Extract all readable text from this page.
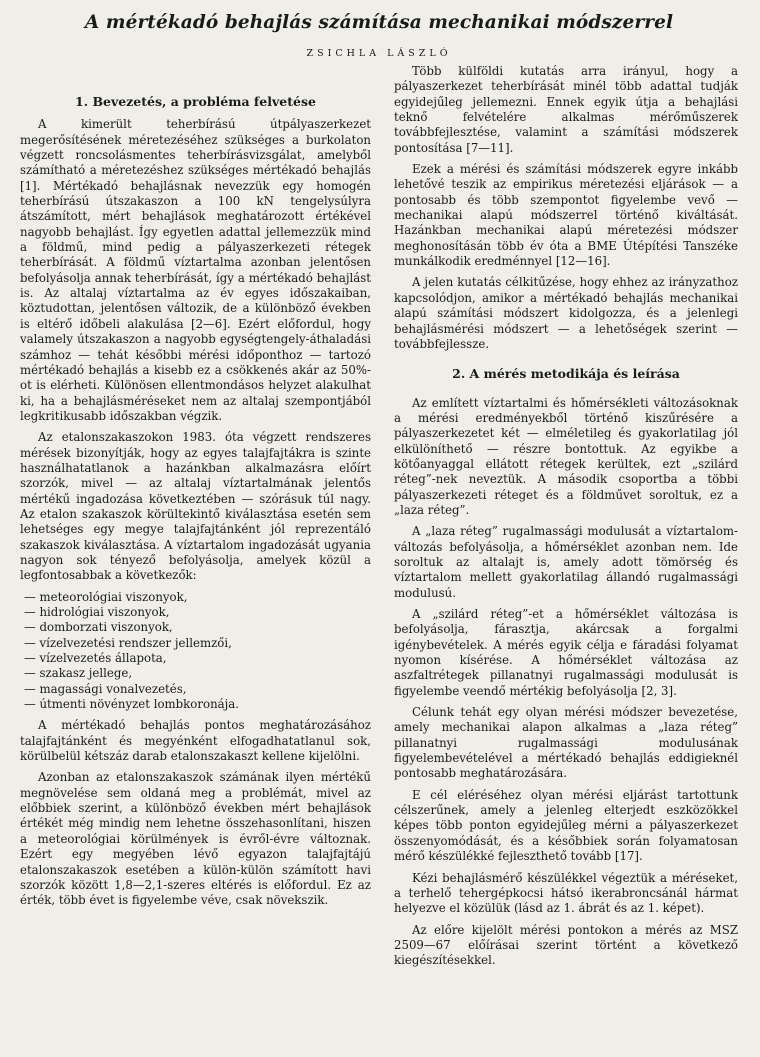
A mértékadó behajlás számítása mechanikai módszerrel
ZSICHLA LÁSZLÓ
1. Bevezetés, a probléma felvetése

A kimerült teherbírású útpályaszerkezet megerősítésének méretezéséhez szükséges a burkolaton végzett roncsolásmentes teherbírásvizsgálat, amelyből számítható a méretezéshez szükséges mértékadó behajlás [1]. Mértékadó behajlásnak nevezzük egy homogén teherbírású útszakaszon a 100 kN tengelysúlyra átszámított, mért behajlások meghatározott értékével nagyobb behajlást. Így egyetlen adattal jellemezzük mind a földmű, mind pedig a pályaszerkezeti rétegek teherbírását. A földmű víztartalma azonban jelentősen befolyásolja annak teherbírását, így a mértékadó behajlást is. Az altalaj víztartalma az év egyes időszakaiban, köztudottan, jelentősen változik, de a különböző években is eltérő időbeli alakulása [2—6]. Ezért előfordul, hogy valamely útszakaszon a nagyobb egységtengely-áthaladási számhoz — tehát későbbi mérési időponthoz — tartozó mértékadó behajlás a kisebb ez a csökkenés akár az 50%-ot is elérheti. Különösen ellentmondásos helyzet alakulhat ki, ha a behajlásméréseket nem az altalaj szempontjából legkritikusabb időszakban végzik.

Az etalonszakaszokon 1983. óta végzett rendszeres mérések bizonyítják, hogy az egyes talajfajtákra is szinte használhatatlanok a hazánkban alkalmazásra előírt szorzók, mivel — az altalaj víztartalmának jelentős mértékű ingadozása következtében — szórásuk túl nagy. Az etalon szakaszok körültekintő kiválasztása esetén sem lehetséges egy megye talajfajtánként jól reprezentáló szakaszok kiválasztása. A víztartalom ingadozását ugyania nagyon sok tényező befolyásolja, amelyek közül a legfontosabbak a következők:

— meteorológiai viszonyok,
— hidrológiai viszonyok,
— domborzati viszonyok,
— vízelvezetési rendszer jellemzői,
— vízelvezetés állapota,
— szakasz jellege,
— magassági vonalvezetés,
— útmenti növényzet lombkoronája.

A mértékadó behajlás pontos meghatározásához talajfajtánként és megyénként elfogadhatatlanul sok, körülbelül kétszáz darab etalonszakaszt kellene kijelölni.

Azonban az etalonszakaszok számának ilyen mértékű megnövelése sem oldaná meg a problémát, mivel az előbbiek szerint, a különböző években mért behajlások értékét még mindig nem lehetne összehasonlítani, hiszen a meteorológiai körülmények is évről-évre változnak. Ezért egy megyében lévő egyazon talajfajtájú etalonszakaszok esetében a külön-külön számított havi szorzók között 1,8—2,1-szeres eltérés is előfordul. Ez az érték, több évet is figyelembe véve, csak növekszik.

Több külföldi kutatás arra irányul, hogy a pályaszerkezet teherbírását minél több adattal tudják egyidejűleg jellemezni. Ennek egyik útja a behajlási teknő felvételére alkalmas mérőműszerek továbbfejlesztése, valamint a számítási módszerek pontosítása [7—11].

Ezek a mérési és számítási módszerek egyre inkább lehetővé teszik az empirikus méretezési eljárások — a pontosabb és több szempontot figyelembe vevő — mechanikai alapú módszerrel történő kiváltását. Hazánkban mechanikai alapú méretezési módszer meghonosításán több év óta a BME Útépítési Tanszéke munkálkodik eredménnyel [12—16].

A jelen kutatás célkitűzése, hogy ehhez az irányzathoz kapcsolódjon, amikor a mértékadó behajlás mechanikai alapú számítási módszert kidolgozza, és a jelenlegi behajlásmérési módszert — a lehetőségek szerint — továbbfejlessze.

2. A mérés metodikája és leírása

Az említett víztartalmi és hőmérsékleti változásoknak a mérési eredményekből történő kiszűrésére a pályaszerkezetet két — elméletileg és gyakorlatilag jól elkülöníthető — részre bontottuk. Az egyikbe a kötőanyaggal ellátott rétegek kerültek, ezt „szilárd réteg”-nek neveztük. A második csoportba a többi pályaszerkezeti réteget és a földművet soroltuk, ez a „laza réteg”.

A „laza réteg” rugalmassági modulusát a víztartalom-változás befolyásolja, a hőmérséklet azonban nem. Ide soroltuk az altalajt is, amely adott tömörség és víztartalom mellett gyakorlatilag állandó rugalmassági modulusú.

A „szilárd réteg”-et a hőmérséklet változása is befolyásolja, fárasztja, akárcsak a forgalmi igénybevételek. A mérés egyik célja e fáradási folyamat nyomon kísérése. A hőmérséklet változása az aszfaltrétegek pillanatnyi rugalmassági modulusát is figyelembe veendő mértékig befolyásolja [2, 3].

Célunk tehát egy olyan mérési módszer bevezetése, amely mechanikai alapon alkalmas a „laza réteg” pillanatnyi rugalmassági modulusának figyelembevételével a mértékadó behajlás eddigieknél pontosabb meghatározására.

E cél eléréséhez olyan mérési eljárást tartottunk célszerűnek, amely a jelenleg elterjedt eszközökkel képes több ponton egyidejűleg mérni a pályaszerkezet összenyomódását, és a későbbiek során folyamatosan mérő készülékké fejleszthető tovább [17].

Kézi behajlásmérő készülékkel végeztük a méréseket, a terhelő tehergépkocsi hátsó ikerabroncsánál hármat helyezve el közülük (lásd az 1. ábrát és az 1. képet).

Az előre kijelölt mérési pontokon a mérés az MSZ 2509—67 előírásai szerint történt a következő kiegészítésekkel.
